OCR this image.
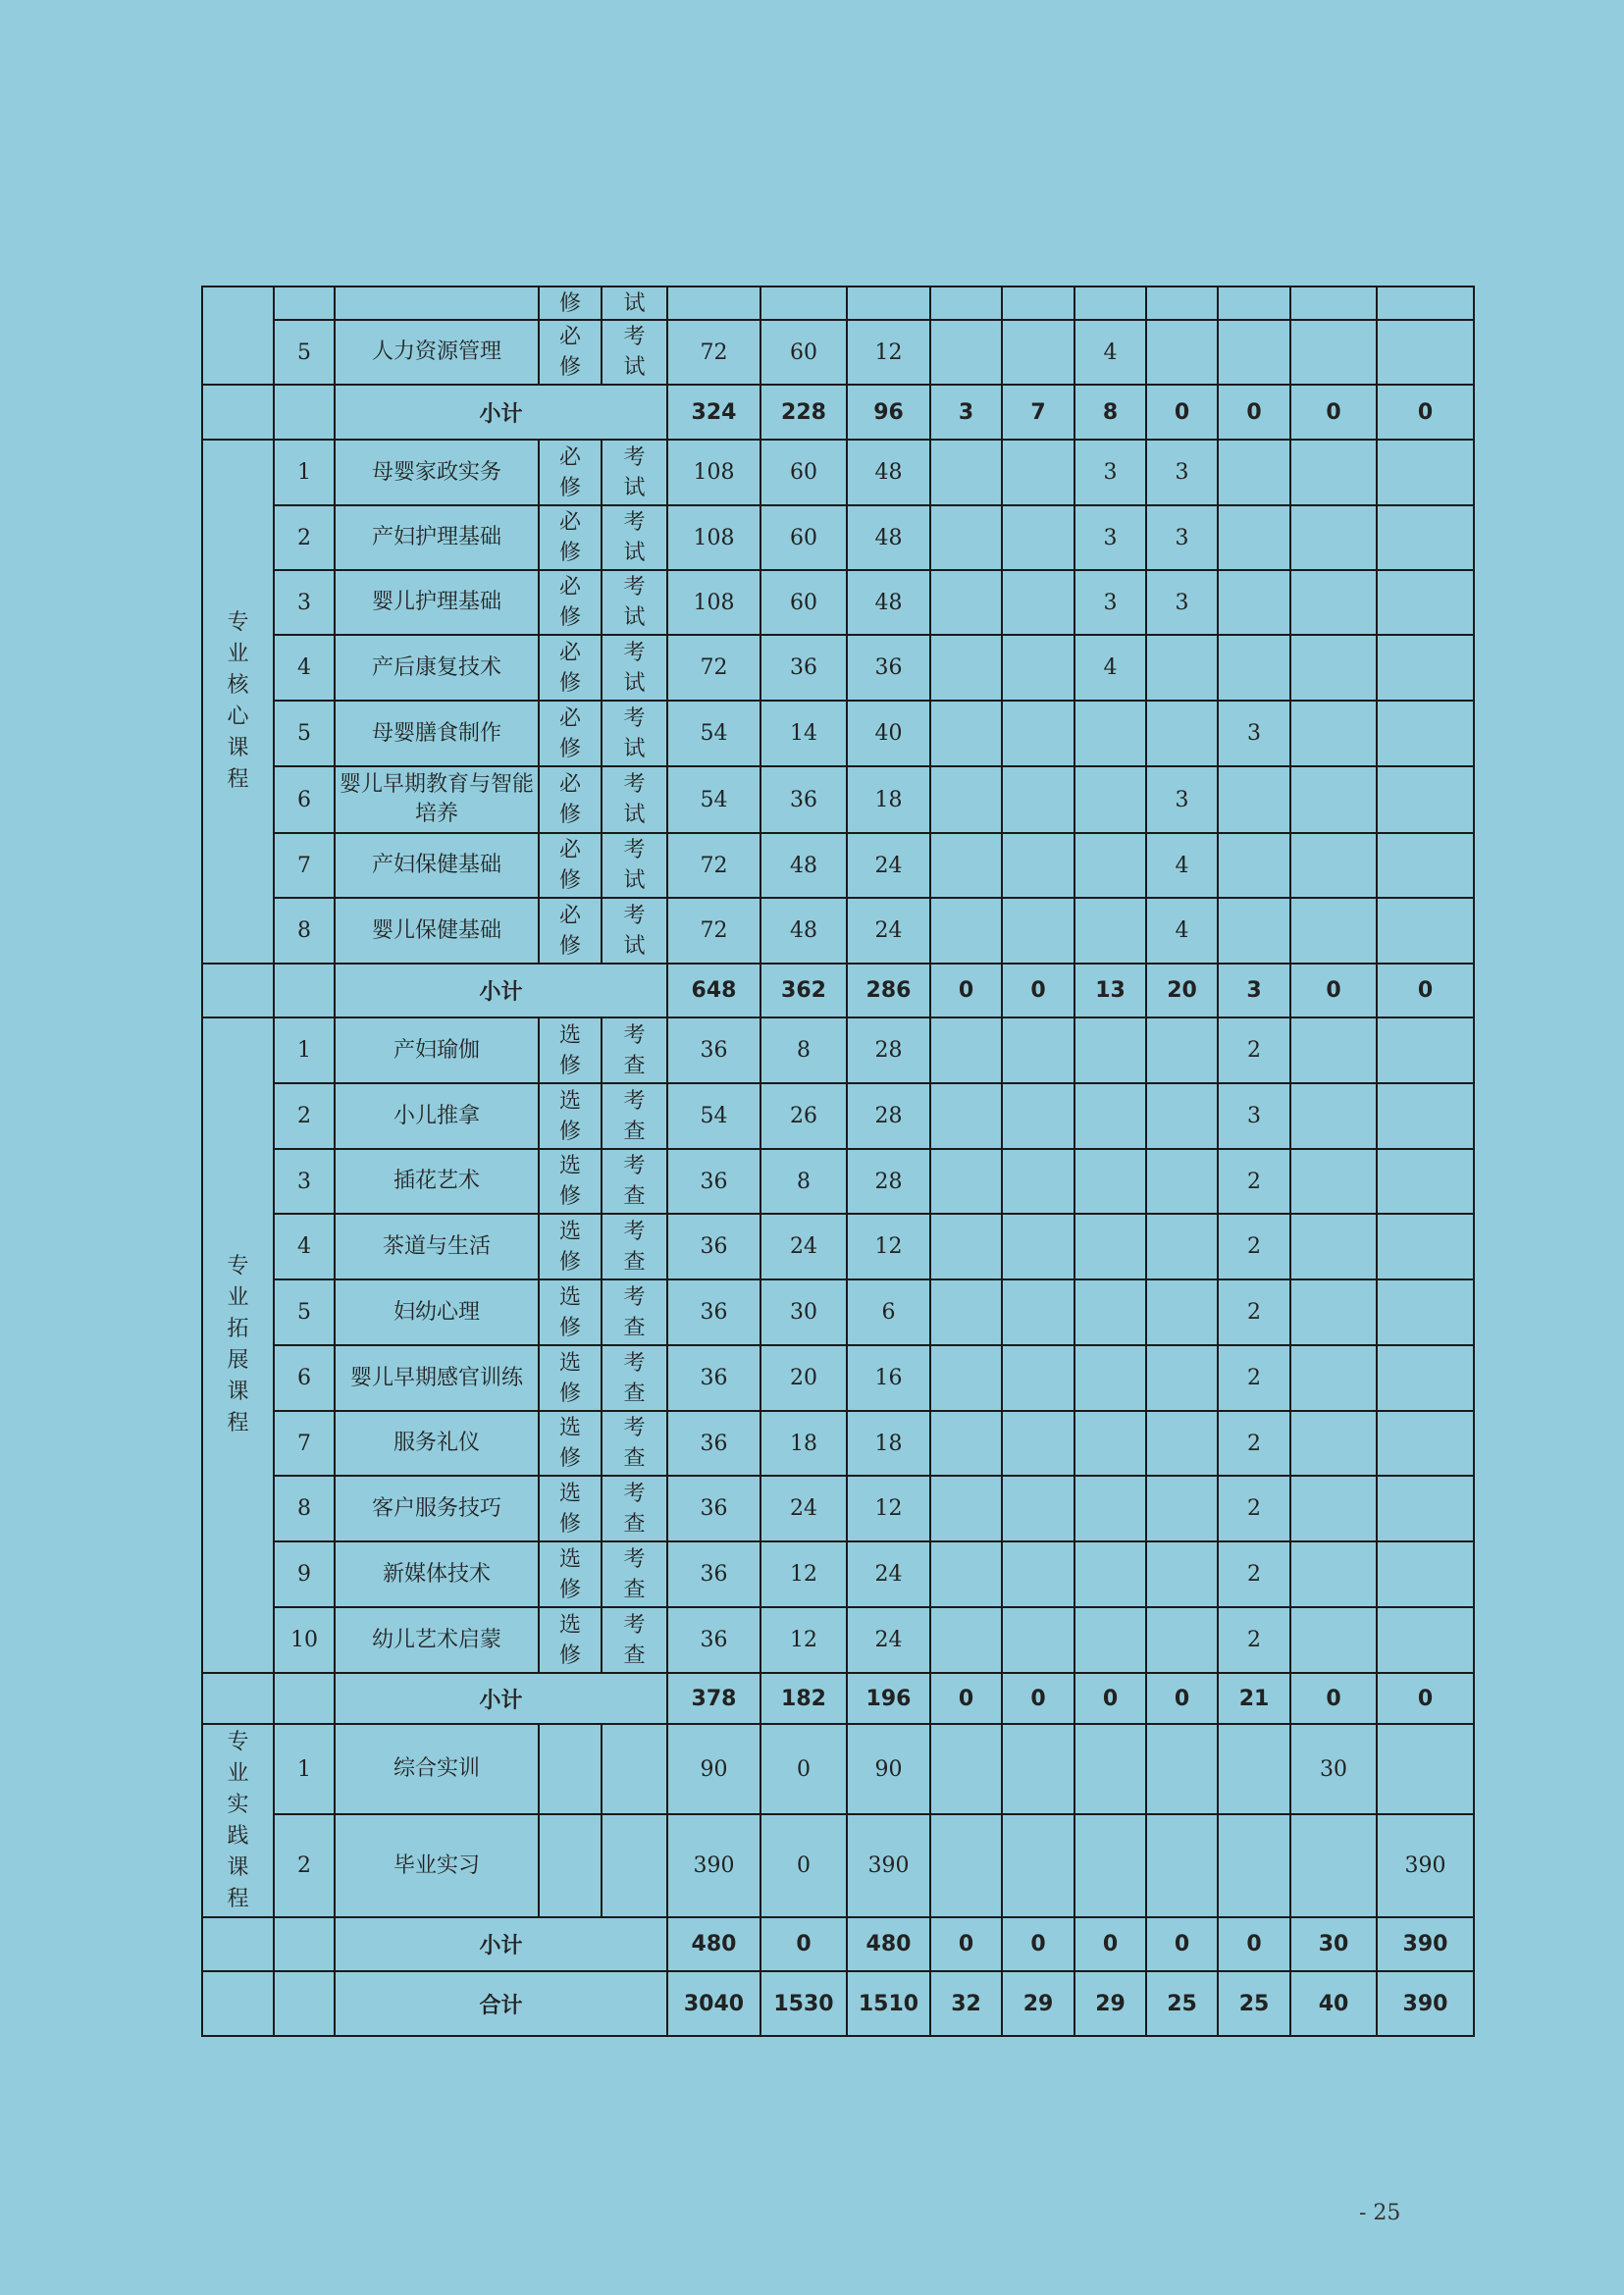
			修	试										
	5	人力资源管理	必修	考试	72	60	12			4				
		小计			324	228	96	3	7	8	0	0	0	0
专业核心课程	1	母婴家政实务	必修	考试	108	60	48			3	3			
	2	产妇护理基础	必修	考试	108	60	48			3	3			
	3	婴儿护理基础	必修	考试	108	60	48			3	3			
	4	产后康复技术	必修	考试	72	36	36			4				
	5	母婴膳食制作	必修	考试	54	14	40					3		
	6	婴儿早期教育与智能培养	必修	考试	54	36	18				3			
	7	产妇保健基础	必修	考试	72	48	24				4			
	8	婴儿保健基础	必修	考试	72	48	24				4			
		小计			648	362	286	0	0	13	20	3	0	0
专业拓展课程	1	产妇瑜伽	选修	考查	36	8	28					2		
	2	小儿推拿	选修	考查	54	26	28					3		
	3	插花艺术	选修	考查	36	8	28					2		
	4	茶道与生活	选修	考查	36	24	12					2		
	5	妇幼心理	选修	考查	36	30	6					2		
	6	婴儿早期感官训练	选修	考查	36	20	16					2		
	7	服务礼仪	选修	考查	36	18	18					2		
	8	客户服务技巧	选修	考查	36	24	12					2		
	9	新媒体技术	选修	考查	36	12	24					2		
	10	幼儿艺术启蒙	选修	考查	36	12	24					2		
		小计			378	182	196	0	0	0	0	21	0	0
专业实践课程	1	综合实训			90	0	90						30	
	2	毕业实习			390	0	390							390
		小计			480	0	480	0	0	0	0	0	30	390
		合计			3040	1530	1510	32	29	29	25	25	40	390
- 25
